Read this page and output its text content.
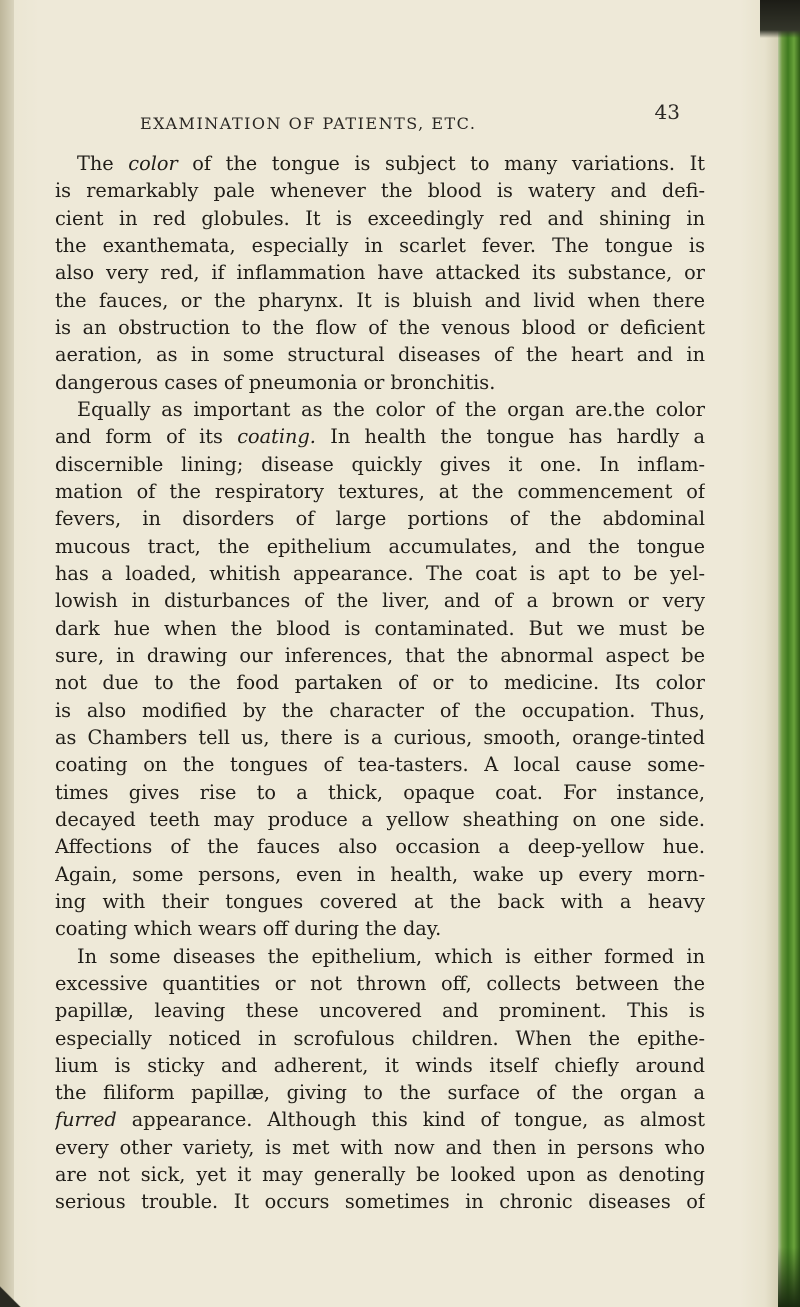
EXAMINATION OF PATIENTS, ETC.	43
The color of the tongue is subject to many variations. It
is remarkably pale whenever the blood is watery and defi-
cient in red globules. It is exceedingly red and shining in
the exanthemata, especially in scarlet fever. The tongue is
also very red, if inflammation have attacked its substance, or
the fauces, or the pharynx. It is bluish and livid when there
is an obstruction to the flow of the venous blood or deficient
aeration, as in some structural diseases of the heart and in
dangerous cases of pneumonia or bronchitis.
Equally as important as the color of the organ are.the color
and form of its coating. In health the tongue has hardly a
discernible lining; disease quickly gives it one. In inflam-
mation of the respiratory textures, at the commencement of
fevers, in disorders of large portions of the abdominal
mucous tract, the epithelium accumulates, and the tongue
has a loaded, whitish appearance. The coat is apt to be yel-
lowish in disturbances of the liver, and of a brown or very
dark hue when the blood is contaminated. But we must be
sure, in drawing our inferences, that the abnormal aspect be
not due to the food partaken of or to medicine. Its color
is also modified by the character of the occupation. Thus,
as Chambers tell us, there is a curious, smooth, orange-tinted
coating on the tongues of tea-tasters. A local cause some-
times gives rise to a thick, opaque coat. For instance,
decayed teeth may produce a yellow sheathing on one side.
Affections of the fauces also occasion a deep-yellow hue.
Again, some persons, even in health, wake up every morn-
ing with their tongues covered at the back with a heavy
coating which wears off during the day.
In some diseases the epithelium, which is either formed in
excessive quantities or not thrown off, collects between the
papillæ, leaving these uncovered and prominent. This is
especially noticed in scrofulous children. When the epithe-
lium is sticky and adherent, it winds itself chiefly around
the filiform papillæ, giving to the surface of the organ a
furred appearance. Although this kind of tongue, as almost
every other variety, is met with now and then in persons who
are not sick, yet it may generally be looked upon as denoting
serious trouble. It occurs sometimes in chronic diseases of
